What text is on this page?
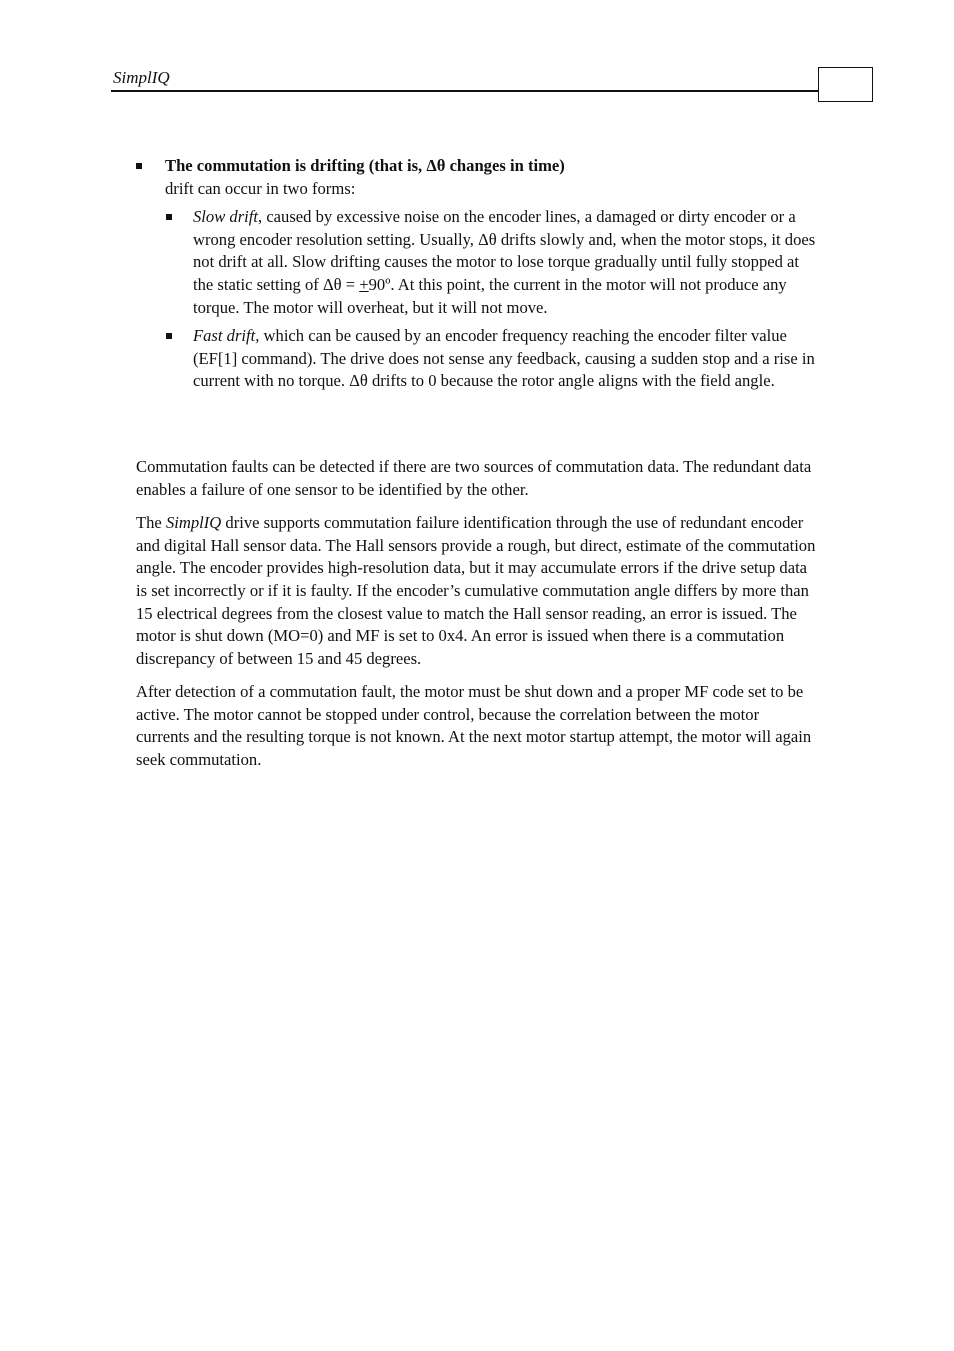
SimplIQ
The commutation is drifting (that is, Δθ changes in time)
drift can occur in two forms:
Slow drift, caused by excessive noise on the encoder lines, a damaged or dirty encoder or a wrong encoder resolution setting. Usually, Δθ drifts slowly and, when the motor stops, it does not drift at all. Slow drifting causes the motor to lose torque gradually until fully stopped at the static setting of Δθ = +90º. At this point, the current in the motor will not produce any torque. The motor will overheat, but it will not move.
Fast drift, which can be caused by an encoder frequency reaching the encoder filter value (EF[1] command). The drive does not sense any feedback, causing a sudden stop and a rise in current with no torque. Δθ drifts to 0 because the rotor angle aligns with the field angle.

Commutation faults can be detected if there are two sources of commutation data. The redundant data enables a failure of one sensor to be identified by the other.

The SimplIQ drive supports commutation failure identification through the use of redundant encoder and digital Hall sensor data. The Hall sensors provide a rough, but direct, estimate of the commutation angle. The encoder provides high-resolution data, but it may accumulate errors if the drive setup data is set incorrectly or if it is faulty. If the encoder’s cumulative commutation angle differs by more than 15 electrical degrees from the closest value to match the Hall sensor reading, an error is issued. The motor is shut down (MO=0) and MF is set to 0x4. An error is issued when there is a commutation discrepancy of between 15 and 45 degrees.

After detection of a commutation fault, the motor must be shut down and a proper MF code set to be active. The motor cannot be stopped under control, because the correlation between the motor currents and the resulting torque is not known. At the next motor startup attempt, the motor will again seek commutation.
